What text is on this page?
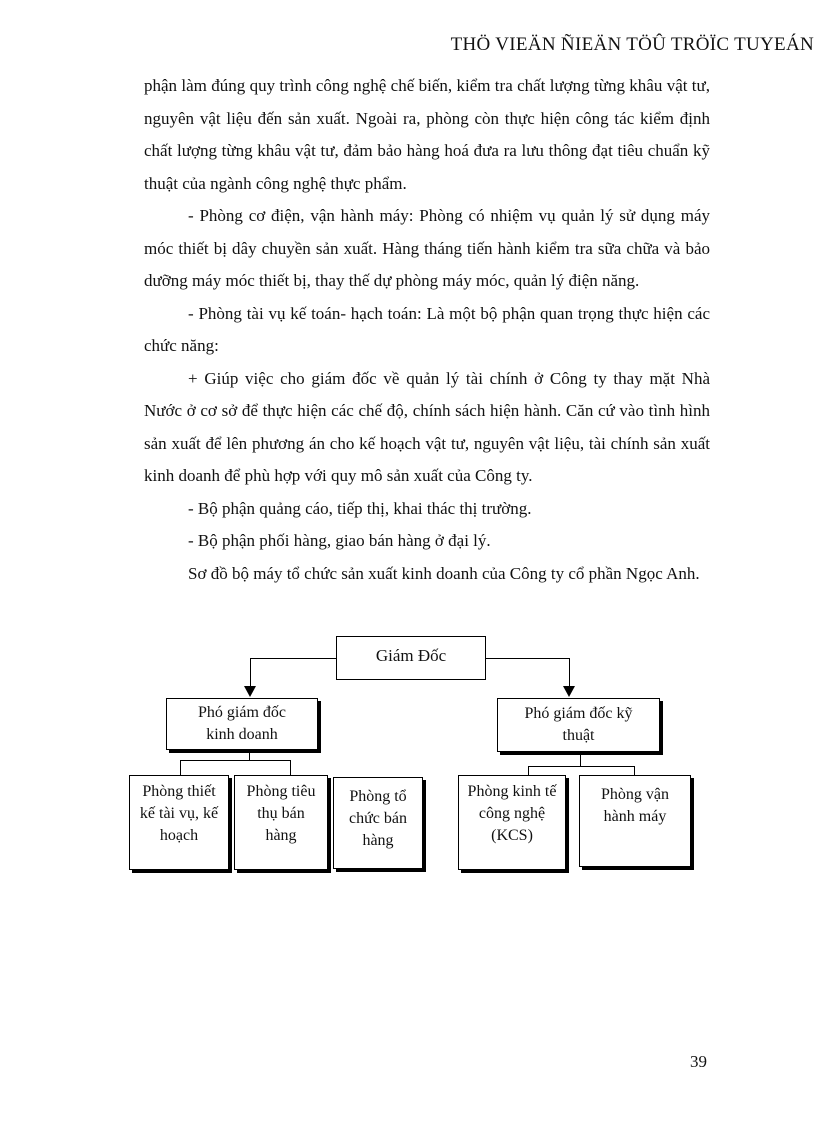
THÖ VIEÄN ÑIEÄN TÖÛ TRÖÏC TUYEÁN

phận làm đúng quy trình công nghệ chế biến, kiểm tra chất lượng từng khâu vật tư, nguyên vật liệu đến sản xuất. Ngoài ra, phòng còn thực hiện công tác kiểm định chất lượng từng khâu vật tư, đảm bảo hàng hoá đưa ra lưu thông đạt tiêu chuẩn kỹ thuật của ngành công nghệ thực phẩm.

- Phòng cơ điện, vận hành máy: Phòng có nhiệm vụ quản lý sử dụng máy móc thiết bị dây chuyền sản xuất. Hàng tháng tiến hành kiểm tra sữa chữa và bảo dưỡng máy móc thiết bị, thay thế dự phòng máy móc, quản lý điện năng.

- Phòng tài vụ kế toán- hạch toán: Là một bộ phận quan trọng thực hiện các chức năng:

+ Giúp việc cho giám đốc về quản lý tài chính ở Công ty thay mặt Nhà Nước ở cơ sở để thực hiện các chế độ, chính sách hiện hành. Căn cứ vào tình hình sản xuất để lên phương án cho kế hoạch vật tư, nguyên vật liệu, tài chính sản xuất kinh doanh để phù hợp với quy mô sản xuất của Công ty.

- Bộ phận quảng cáo, tiếp thị, khai thác thị trường.

- Bộ phận phối hàng, giao bán hàng ở đại lý.

Sơ đồ bộ máy tổ chức sản xuất kinh doanh của Công ty cổ phần Ngọc Anh.

Giám Đốc
Phó giám đốc kinh doanh
Phó giám đốc kỹ thuật
Phòng thiết kế tài vụ, kế hoạch
Phòng tiêu thụ bán hàng
Phòng tổ chức bán hàng
Phòng kinh tế công nghệ (KCS)
Phòng vận hành máy
39
